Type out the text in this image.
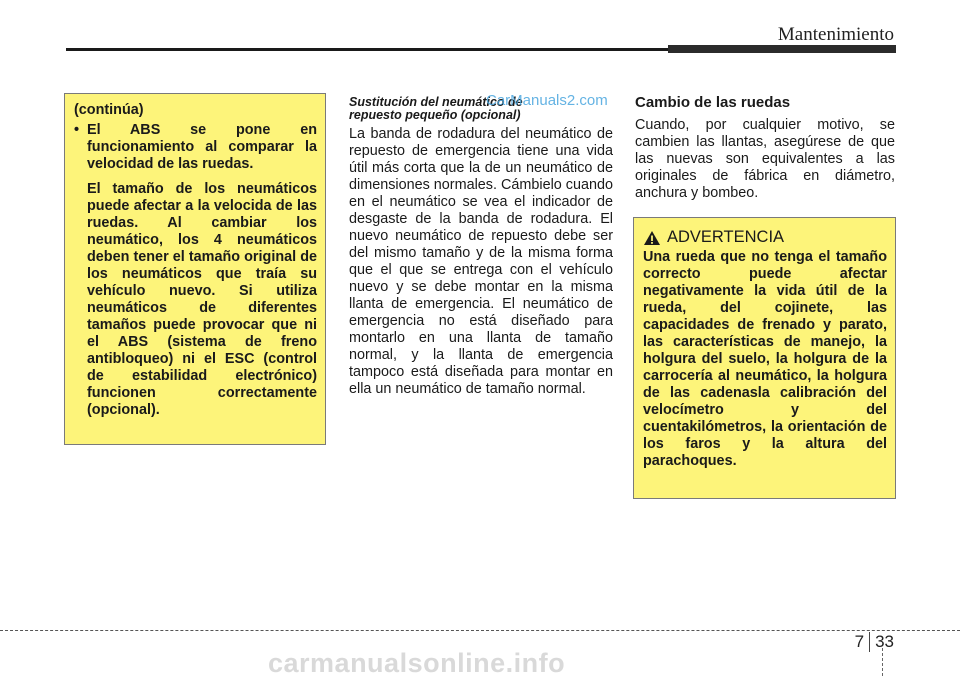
Mantenimiento
(continúa)
• El ABS se pone en funcionamiento al comparar la velocidad de las ruedas.
El tamaño de los neumáticos puede afectar a la velocida de las ruedas. Al cambiar los neumático, los 4 neumáticos deben tener el tamaño original de los neumáticos que traía su vehículo nuevo. Si utiliza neumáticos de diferentes tamaños puede provocar que ni el ABS (sistema de freno antibloqueo) ni el ESC (control de estabilidad electrónico) funcionen correctamente (opcional).
Sustitución del neumático de
repuesto pequeño (opcional)
La banda de rodadura del neumático de repuesto de emergencia tiene una vida útil más corta que la de un neumático de dimensiones normales. Cámbielo cuando en el neumático se vea el indicador de desgaste de la banda de rodadura. El nuevo neumático de repuesto debe ser del mismo tamaño y de la misma forma que el que se entrega con el vehículo nuevo y se debe montar en la misma llanta de emergencia. El neumático de emergencia no está diseñado para montarlo en una llanta de tamaño normal, y la llanta de emergencia tampoco está diseñada para montar en ella un neumático de tamaño normal.
CarManuals2.com Cambio de las ruedas
Cuando, por cualquier motivo, se cambien las llantas, asegúrese de que las nuevas son equivalentes a las originales de fábrica en diámetro, anchura y bombeo.
ADVERTENCIA
Una rueda que no tenga el tamaño correcto puede afectar negativamente la vida útil de la rueda, del cojinete, las capacidades de frenado y parato, las características de manejo, la holgura del suelo, la holgura de la carrocería al neumático, la holgura de las cadenasla calibración del velocímetro y del cuentakilómetros, la orientación de los faros y la altura del parachoques.
7 33
carmanualsonline.info
